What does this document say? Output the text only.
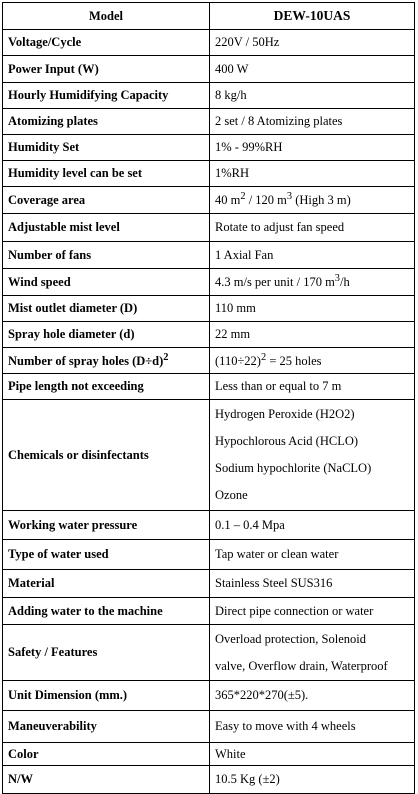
Model	DEW-10UAS
Voltage/Cycle	220V / 50Hz
Power Input (W)	400 W
Hourly Humidifying Capacity	8 kg/h
Atomizing plates	2 set / 8 Atomizing plates
Humidity Set	1% - 99%RH
Humidity level can be set	1%RH
Coverage area	40 $m^2 / 120$ $m^3$ (High 3 m)
Adjustable mist level	Rotate to adjust fan speed
Number of fans	1 Axial Fan
Wind speed	4.3 m/s per unit / 170 $m^3/h$
Mist outlet diameter (D)	110 mm
Spray hole diameter (d)	22 mm
Number of spray holes $(D\div d)^2$	$(110\div 22)^2 = 25$ holes
Pipe length not exceeding	Less than or equal to 7 m
Chemicals or disinfectants	Hydrogen Peroxide (H2O2)
Hypochlorous Acid (HCLO)
Sodium hypochlorite (NaCLO)
Ozone

Working water pressure	0.1 – 0.4 Mpa
Type of water used	Tap water or clean water
Material	Stainless Steel SUS316
Adding water to the machine	Direct pipe connection or water
Safety / Features	Overload protection, Solenoid
valve, Overflow drain, Waterproof

Unit Dimension (mm.)	365*220*270(±5).
Maneuverability	Easy to move with 4 wheels
Color	White
N/W	10.5 Kg (±2)
